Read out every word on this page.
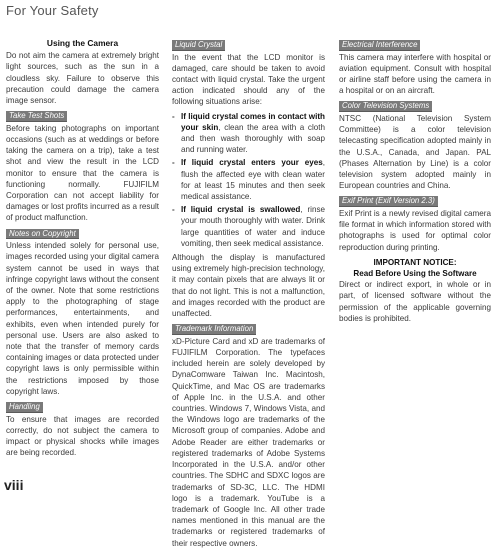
For Your Safety
Using the Camera

Do not aim the camera at extremely bright light sources, such as the sun in a cloudless sky. Failure to observe this precaution could damage the camera image sensor.

Take Test Shots

Before taking photographs on important occasions (such as at weddings or before taking the camera on a trip), take a test shot and view the result in the LCD monitor to ensure that the camera is functioning normally. FUJIFILM Corporation can not accept liability for damages or lost profits incurred as a result of product malfunction.

Notes on Copyright

Unless intended solely for personal use, images recorded using your digital camera system cannot be used in ways that infringe copyright laws without the consent of the owner. Note that some restrictions apply to the photographing of stage performances, entertainments, and exhibits, even when intended purely for personal use. Users are also asked to note that the transfer of memory cards containing images or data protected under copyright laws is only permissible within the restrictions imposed by those copyright laws.

Handling

To ensure that images are recorded correctly, do not subject the camera to impact or physical shocks while images are being recorded.

Liquid Crystal

In the event that the LCD monitor is damaged, care should be taken to avoid contact with liquid crystal. Take the urgent action indicated should any of the following situations arise:

- If liquid crystal comes in contact with your skin, clean the area with a cloth and then wash thoroughly with soap and running water.
- If liquid crystal enters your eyes, flush the affected eye with clean water for at least 15 minutes and then seek medical assistance.
- If liquid crystal is swallowed, rinse your mouth thoroughly with water. Drink large quantities of water and induce vomiting, then seek medical assistance.

Although the display is manufactured using extremely high-precision technology, it may contain pixels that are always lit or that do not light. This is not a malfunction, and images recorded with the product are unaffected.

Trademark Information

xD-Picture Card and xD are trademarks of FUJIFILM Corporation. The typefaces included herein are solely developed by DynaComware Taiwan Inc. Macintosh, QuickTime, and Mac OS are trademarks of Apple Inc. in the U.S.A. and other countries. Windows 7, Windows Vista, and the Windows logo are trademarks of the Microsoft group of companies. Adobe and Adobe Reader are either trademarks or registered trademarks of Adobe Systems Incorporated in the U.S.A. and/or other countries. The SDHC and SDXC logos are trademarks of SD-3C, LLC. The HDMI logo is a trademark. YouTube is a trademark of Google Inc. All other trade names mentioned in this manual are the trademarks or registered trademarks of their respective owners.

Electrical Interference

This camera may interfere with hospital or aviation equipment. Consult with hospital or airline staff before using the camera in a hospital or on an aircraft.

Color Television Systems

NTSC (National Television System Committee) is a color television telecasting specification adopted mainly in the U.S.A., Canada, and Japan. PAL (Phases Alternation by Line) is a color television system adopted mainly in European countries and China.

Exif Print (Exif Version 2.3)

Exif Print is a newly revised digital camera file format in which information stored with photographs is used for optimal color reproduction during printing.

IMPORTANT NOTICE:
Read Before Using the Software

Direct or indirect export, in whole or in part, of licensed software without the permission of the applicable governing bodies is prohibited.

viii
